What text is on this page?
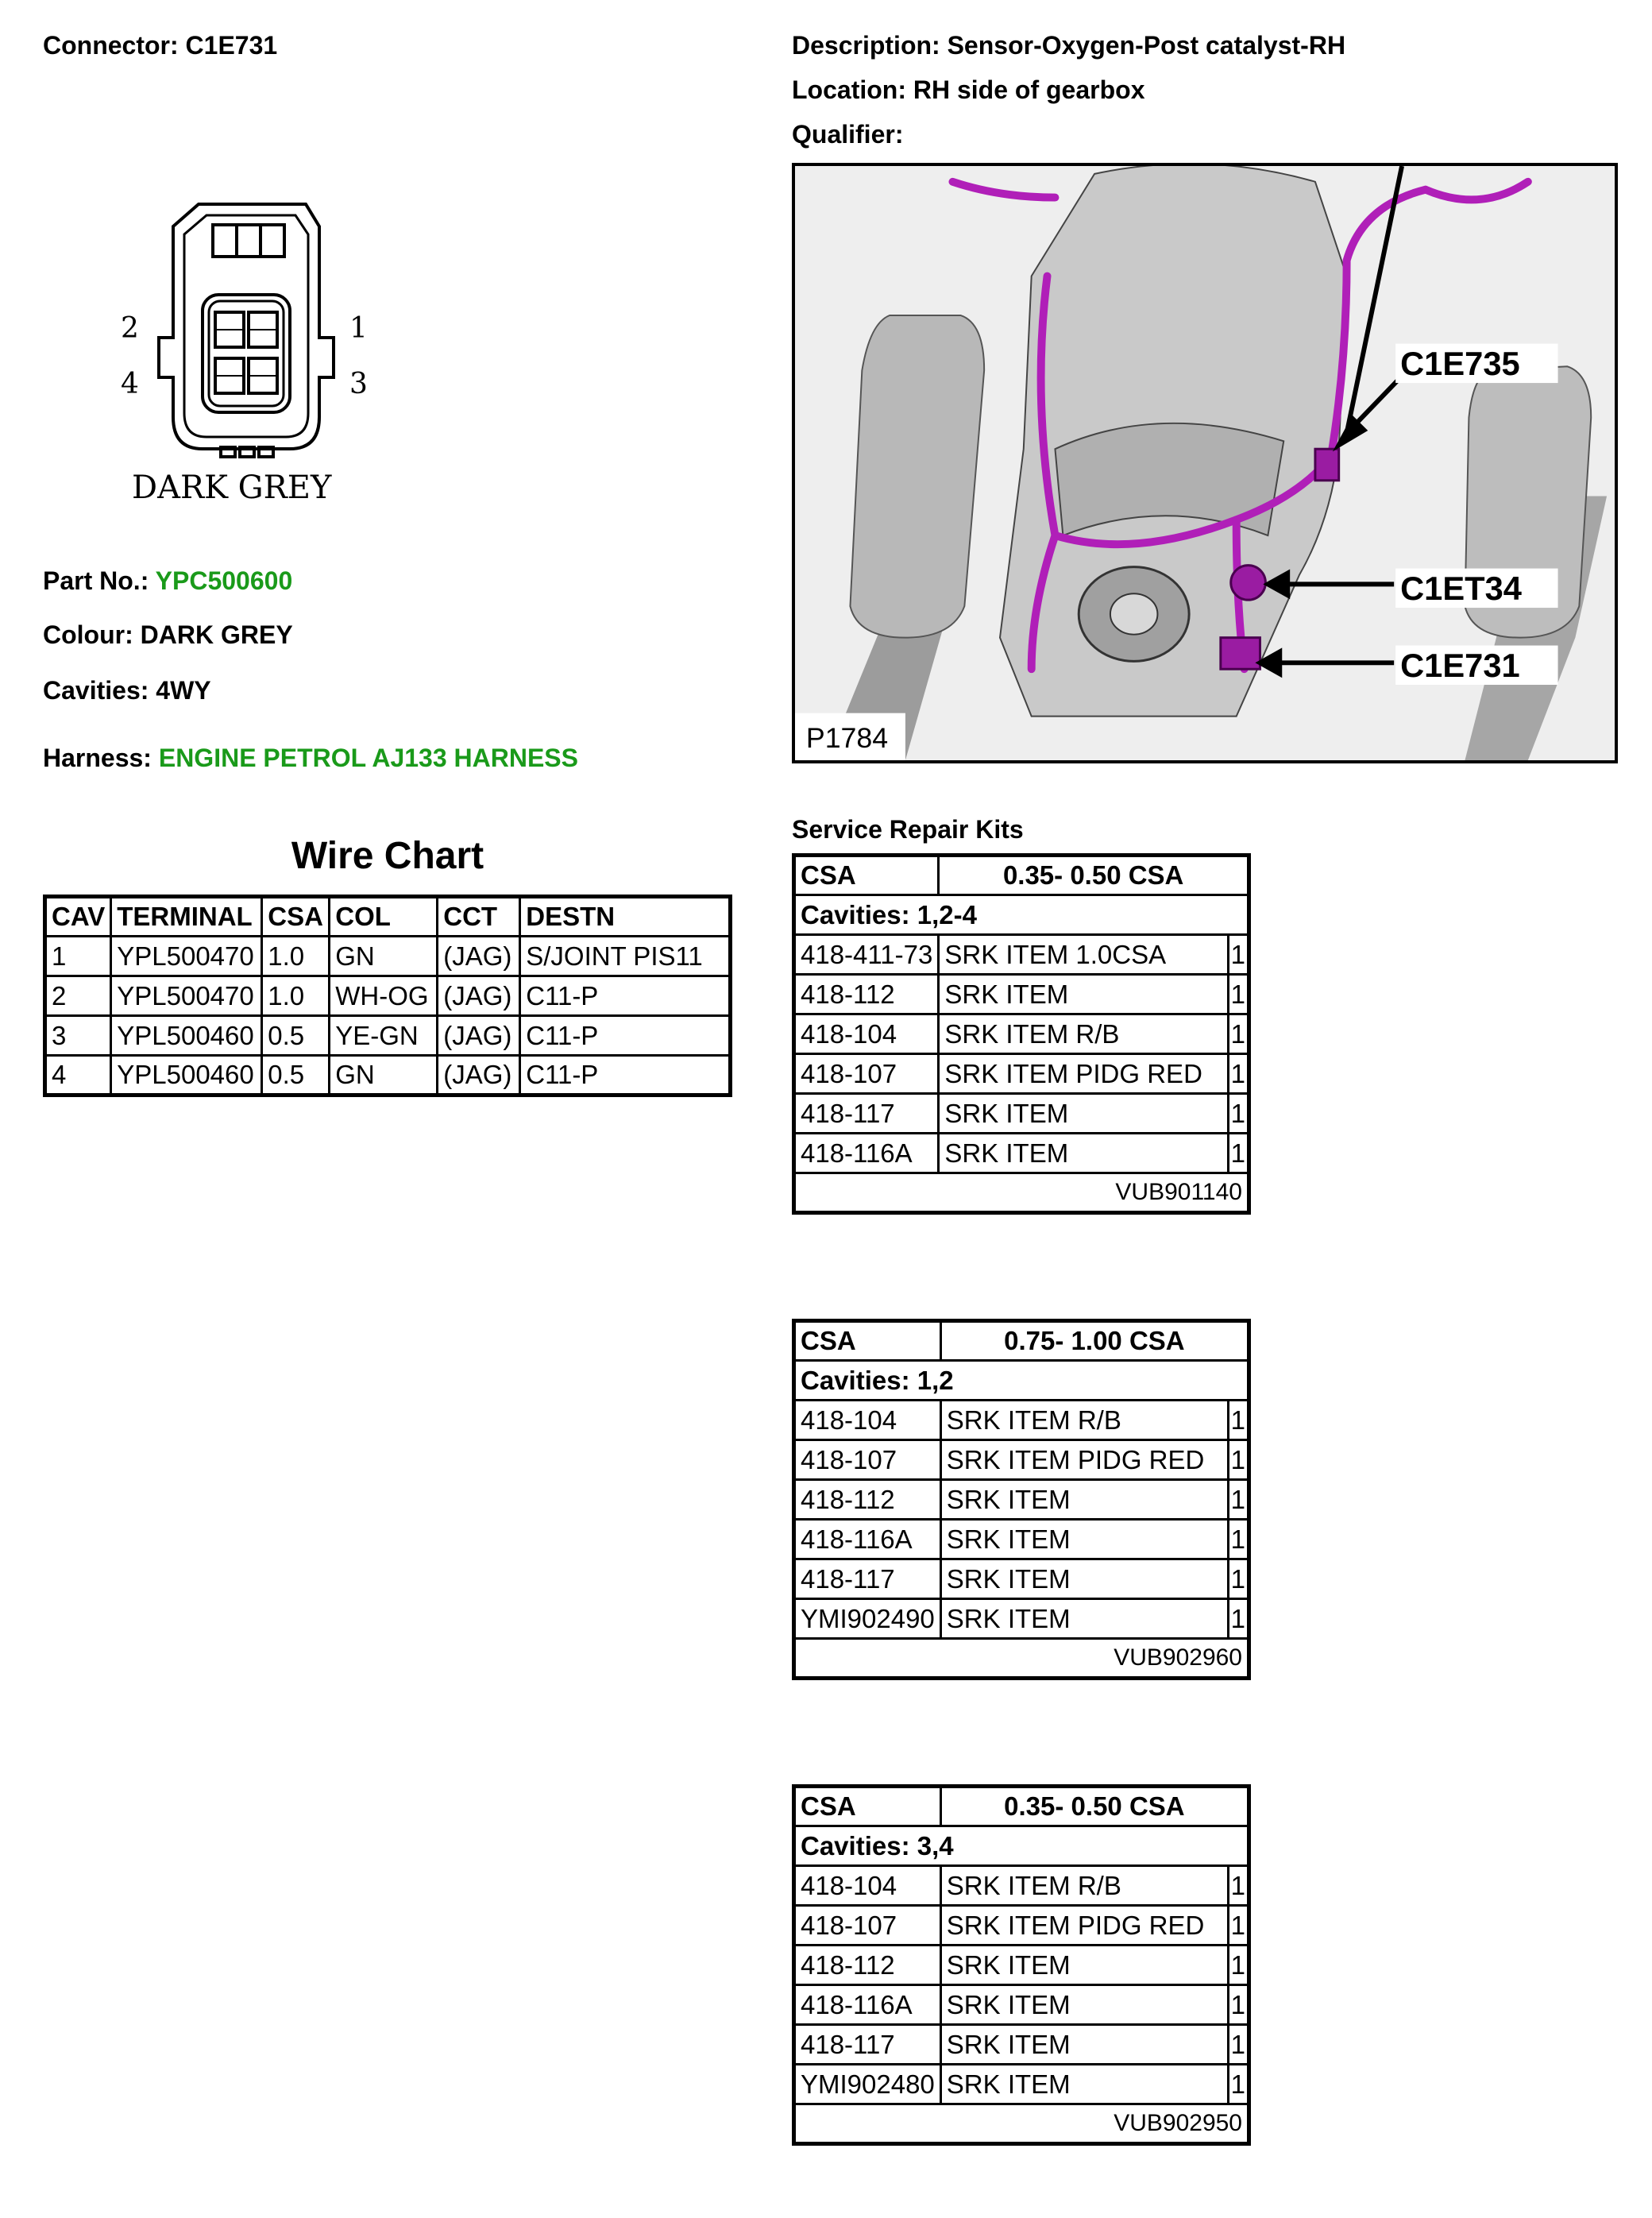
Connector: C1E731	Description: Sensor-Oxygen-Post catalyst-RH
Location: RH side of gearbox
Qualifier:
2	1
4	3
DARK GREY
Part No.: YPC500600
Colour: DARK GREY
Cavities: 4WY
Harness: ENGINE PETROL AJ133 HARNESS
C1E735
C1ET34
C1E731
P1784
Wire Chart
CAV	TERMINAL	CSA	COL	CCT	DESTN
1	YPL500470	1.0	GN	(JAG)	S/JOINT PIS11
2	YPL500470	1.0	WH-OG	(JAG)	C11-P
3	YPL500460	0.5	YE-GN	(JAG)	C11-P
4	YPL500460	0.5	GN	(JAG)	C11-P
Service Repair Kits
CSA	0.35- 0.50 CSA	
Cavities: 1,2-4		
418-411-73	SRK ITEM 1.0CSA	1
418-112	SRK ITEM	1
418-104	SRK ITEM R/B	1
418-107	SRK ITEM PIDG RED	1
418-117	SRK ITEM	1
418-116A	SRK ITEM	1
VUB901140		
CSA	0.75- 1.00 CSA	
Cavities: 1,2		
418-104	SRK ITEM R/B	1
418-107	SRK ITEM PIDG RED	1
418-112	SRK ITEM	1
418-116A	SRK ITEM	1
418-117	SRK ITEM	1
YMI902490	SRK ITEM	1
VUB902960		
CSA	0.35- 0.50 CSA	
Cavities: 3,4		
418-104	SRK ITEM R/B	1
418-107	SRK ITEM PIDG RED	1
418-112	SRK ITEM	1
418-116A	SRK ITEM	1
418-117	SRK ITEM	1
YMI902480	SRK ITEM	1
VUB902950		
